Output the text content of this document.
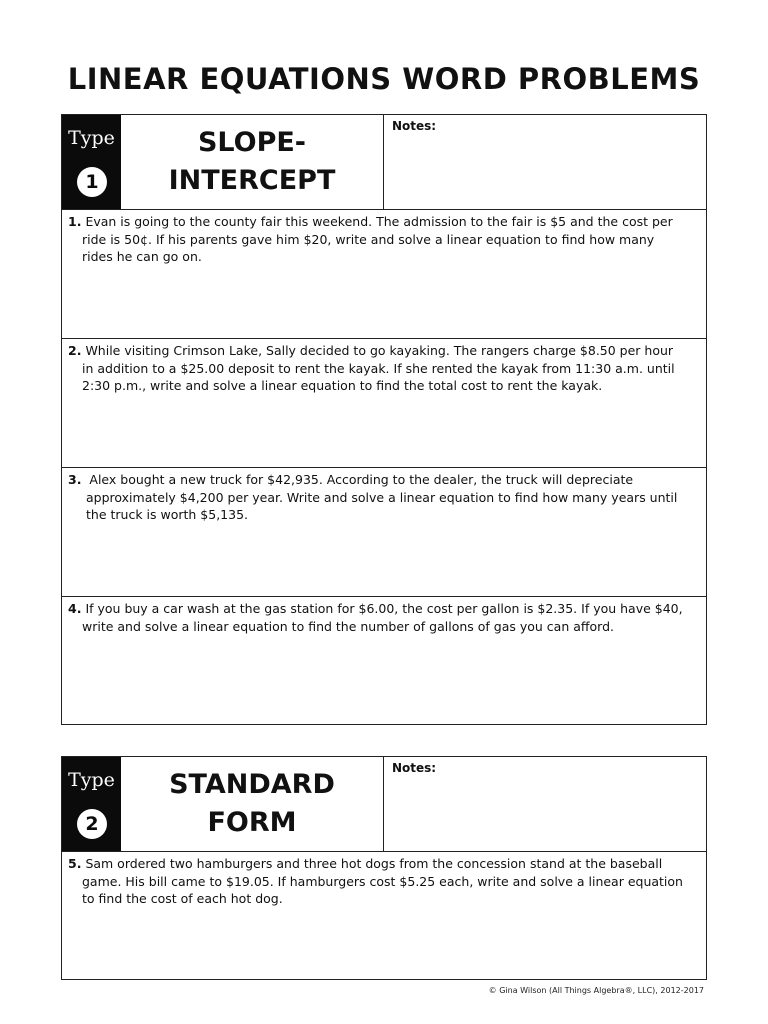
LINEAR EQUATIONS WORD PROBLEMS
Type
1
SLOPE-
INTERCEPT
Notes:
1. Evan is going to the county fair this weekend. The admission to the fair is $5 and the cost per ride is 50¢. If his parents gave him $20, write and solve a linear equation to find how many rides he can go on.
2. While visiting Crimson Lake, Sally decided to go kayaking. The rangers charge $8.50 per hour in addition to a $25.00 deposit to rent the kayak. If she rented the kayak from 11:30 a.m. until 2:30 p.m., write and solve a linear equation to find the total cost to rent the kayak.
3. Alex bought a new truck for $42,935. According to the dealer, the truck will depreciate approximately $4,200 per year. Write and solve a linear equation to find how many years until the truck is worth $5,135.
4. If you buy a car wash at the gas station for $6.00, the cost per gallon is $2.35. If you have $40, write and solve a linear equation to find the number of gallons of gas you can afford.
Type
2
STANDARD
FORM
Notes:
5. Sam ordered two hamburgers and three hot dogs from the concession stand at the baseball game. His bill came to $19.05. If hamburgers cost $5.25 each, write and solve a linear equation to find the cost of each hot dog.
© Gina Wilson (All Things Algebra®, LLC), 2012-2017
